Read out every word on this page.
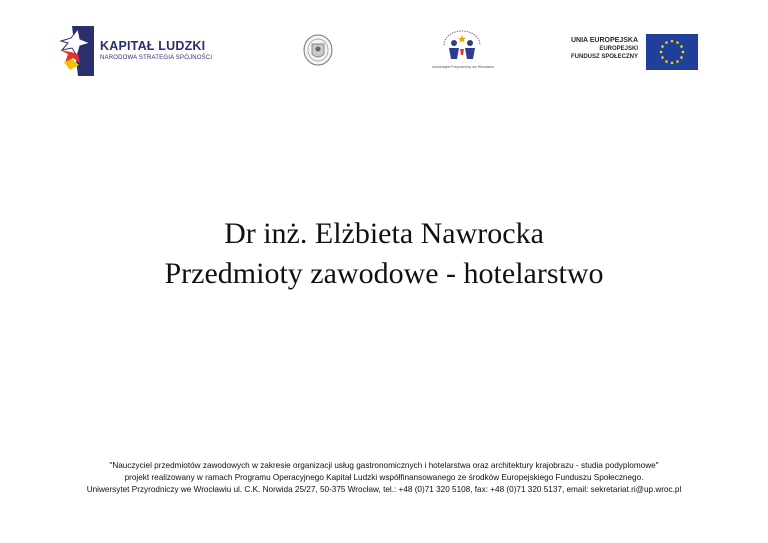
KAPITAŁ LUDZKI
NARODOWA STRATEGIA SPÓJNOŚCI
Uniwersytet Przyrodniczy we Wrocławiu
UNIA EUROPEJSKA
EUROPEJSKI
FUNDUSZ SPOŁECZNY
Dr inż. Elżbieta Nawrocka
Przedmioty zawodowe - hotelarstwo
"Nauczyciel przedmiotów zawodowych w zakresie organizacji usług gastronomicznych i hotelarstwa oraz architektury krajobrazu - studia podyplomowe"
projekt realizowany w ramach Programu Operacyjnego Kapitał Ludzki współfinansowanego ze środków Europejskiego Funduszu Społecznego.
Uniwersytet Przyrodniczy we Wrocławiu ul. C.K. Norwida 25/27, 50-375 Wrocław, tel.: +48 (0)71 320 5108, fax: +48 (0)71 320 5137, email: sekretariat.ri@up.wroc.pl
